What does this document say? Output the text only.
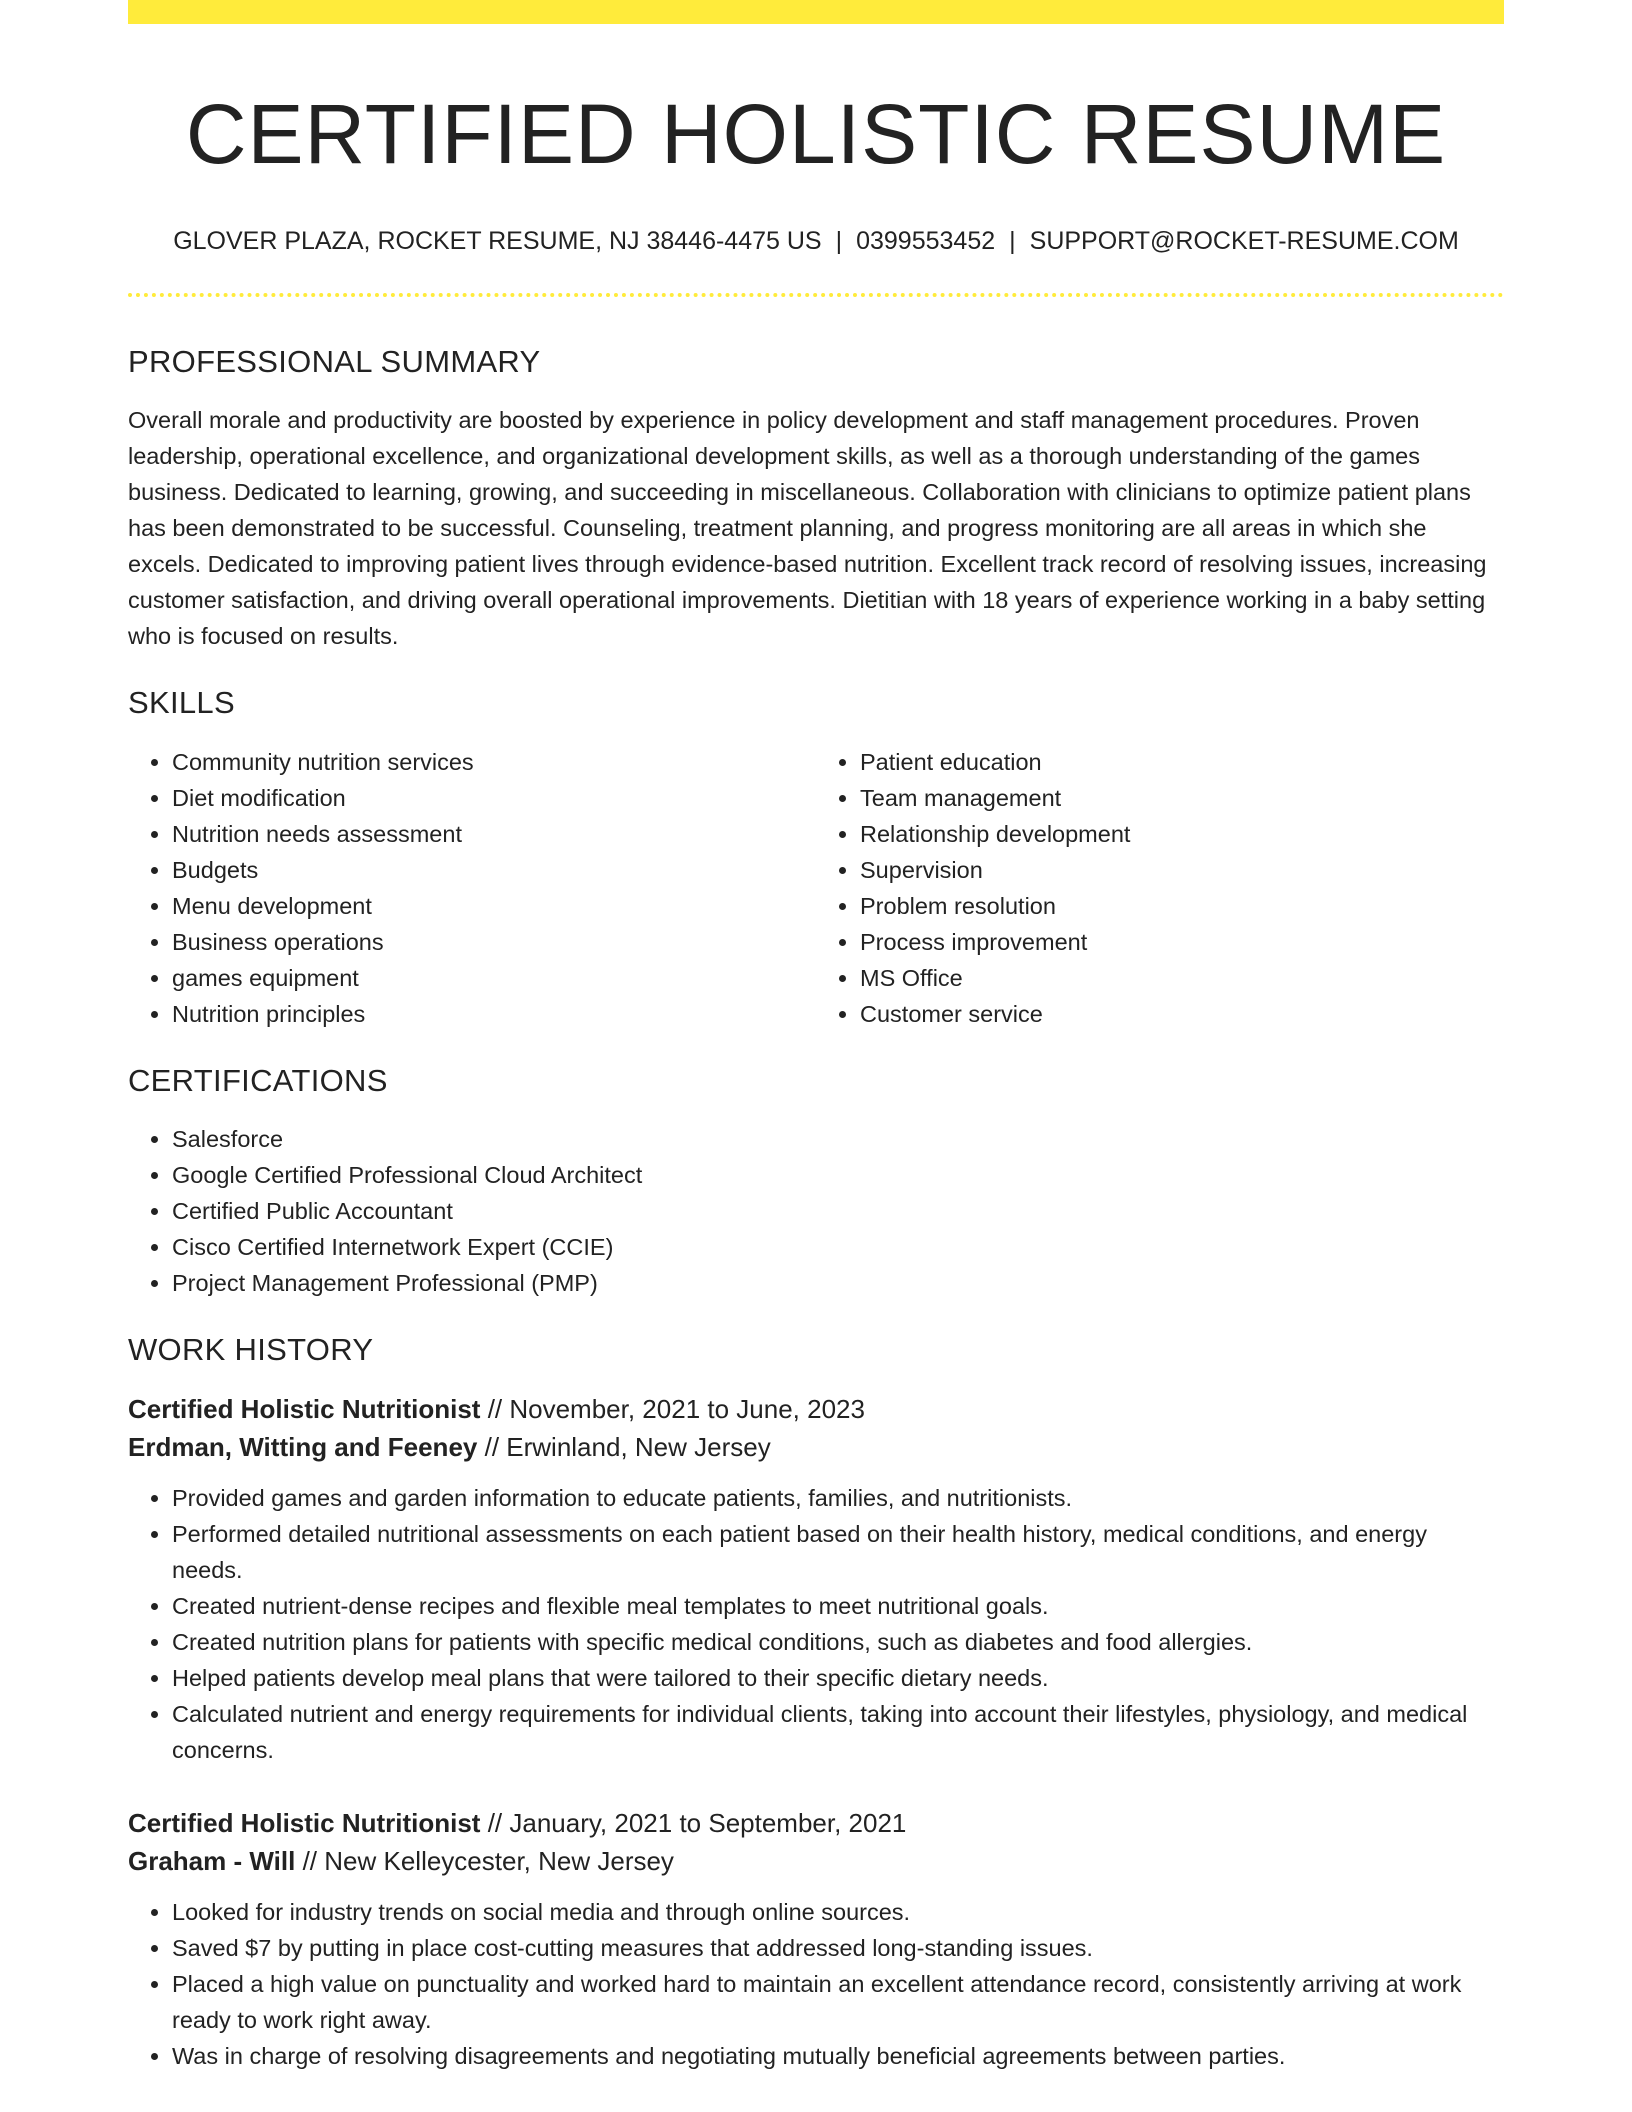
CERTIFIED HOLISTIC RESUME
GLOVER PLAZA, ROCKET RESUME, NJ 38446-4475 US | 0399553452 | SUPPORT@ROCKET-RESUME.COM
PROFESSIONAL SUMMARY

Overall morale and productivity are boosted by experience in policy development and staff management procedures. Proven leadership, operational excellence, and organizational development skills, as well as a thorough understanding of the games business. Dedicated to learning, growing, and succeeding in miscellaneous. Collaboration with clinicians to optimize patient plans has been demonstrated to be successful. Counseling, treatment planning, and progress monitoring are all areas in which she excels. Dedicated to improving patient lives through evidence-based nutrition. Excellent track record of resolving issues, increasing customer satisfaction, and driving overall operational improvements. Dietitian with 18 years of experience working in a baby setting who is focused on results.

SKILLS
• Community nutrition services
• Diet modification
• Nutrition needs assessment
• Budgets
• Menu development
• Business operations
• games equipment
• Nutrition principles
• Patient education
• Team management
• Relationship development
• Supervision
• Problem resolution
• Process improvement
• MS Office
• Customer service
CERTIFICATIONS
• Salesforce
• Google Certified Professional Cloud Architect
• Certified Public Accountant
• Cisco Certified Internetwork Expert (CCIE)
• Project Management Professional (PMP)
WORK HISTORY
Certified Holistic Nutritionist // November, 2021 to June, 2023
Erdman, Witting and Feeney // Erwinland, New Jersey
• Provided games and garden information to educate patients, families, and nutritionists.
• Performed detailed nutritional assessments on each patient based on their health history, medical conditions, and energy needs.
• Created nutrient-dense recipes and flexible meal templates to meet nutritional goals.
• Created nutrition plans for patients with specific medical conditions, such as diabetes and food allergies.
• Helped patients develop meal plans that were tailored to their specific dietary needs.
• Calculated nutrient and energy requirements for individual clients, taking into account their lifestyles, physiology, and medical concerns.
Certified Holistic Nutritionist // January, 2021 to September, 2021
Graham - Will // New Kelleycester, New Jersey
• Looked for industry trends on social media and through online sources.
• Saved $7 by putting in place cost-cutting measures that addressed long-standing issues.
• Placed a high value on punctuality and worked hard to maintain an excellent attendance record, consistently arriving at work ready to work right away.
• Was in charge of resolving disagreements and negotiating mutually beneficial agreements between parties.
